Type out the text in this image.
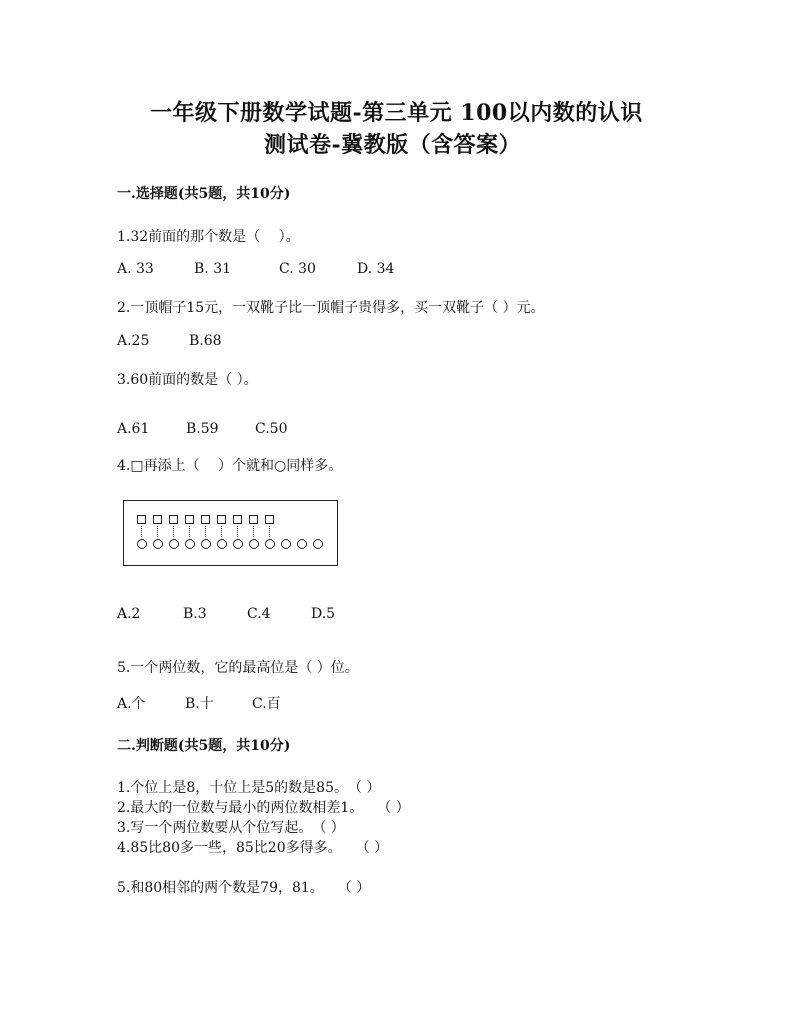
一年级下册数学试题-第三单元 100以内数的认识
测试卷-冀教版（含答案）
一.选择题(共5题，共10分)
1.32前面的那个数是（　 ）。
A. 33	B. 31	C. 30	D. 34
2.一顶帽子15元，一双靴子比一顶帽子贵得多，买一双靴子（ ）元。
A.25	B.68
3.60前面的数是（ ）。
A.61	B.59	C.50
4.□再添上（　 ）个就和○同样多。
A.2	B.3	C.4	D.5
5.一个两位数，它的最高位是（ ）位。
A.个	B.十	C.百
二.判断题(共5题，共10分)
1.个位上是8，十位上是5的数是85。　（ ）
2.最大的一位数与最小的两位数相差1。　　（ ）
3.写一个两位数要从个位写起。　（ ）
4.85比80多一些，85比20多得多。　　（ ）
5.和80相邻的两个数是79，81。　　（ ）
